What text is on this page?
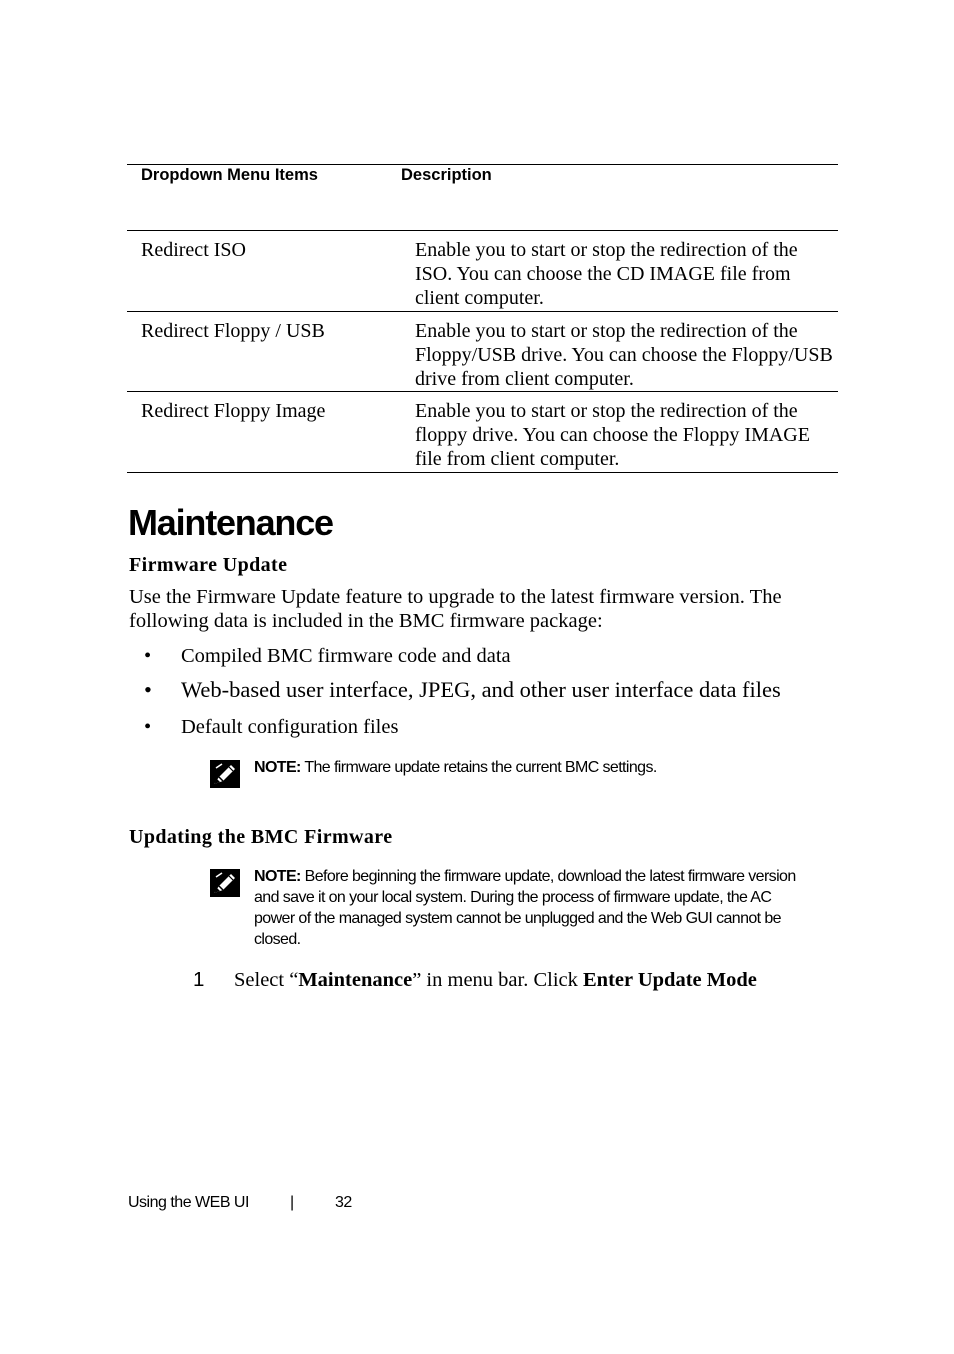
Dropdown Menu Items	Description
Redirect ISO	Enable you to start or stop the redirection of the ISO. You can choose the CD IMAGE file from client computer.
Redirect Floppy / USB	Enable you to start or stop the redirection of the Floppy/USB drive. You can choose the Floppy/USB drive from client computer.
Redirect Floppy Image	Enable you to start or stop the redirection of the floppy drive. You can choose the Floppy IMAGE file from client computer.
Maintenance
Firmware Update

Use the Firmware Update feature to upgrade to the latest firmware version. The following data is included in the BMC firmware package:

• Compiled BMC firmware code and data
• Web-based user interface, JPEG, and other user interface data files
• Default configuration files
NOTE: The firmware update retains the current BMC settings.
Updating the BMC Firmware
NOTE: Before beginning the firmware update, download the latest firmware version and save it on your local system. During the process of firmware update, the AC power of the managed system cannot be unplugged and the Web GUI cannot be closed.
1	Select “Maintenance” in menu bar. Click Enter Update Mode
Using the WEB UI	|	32
